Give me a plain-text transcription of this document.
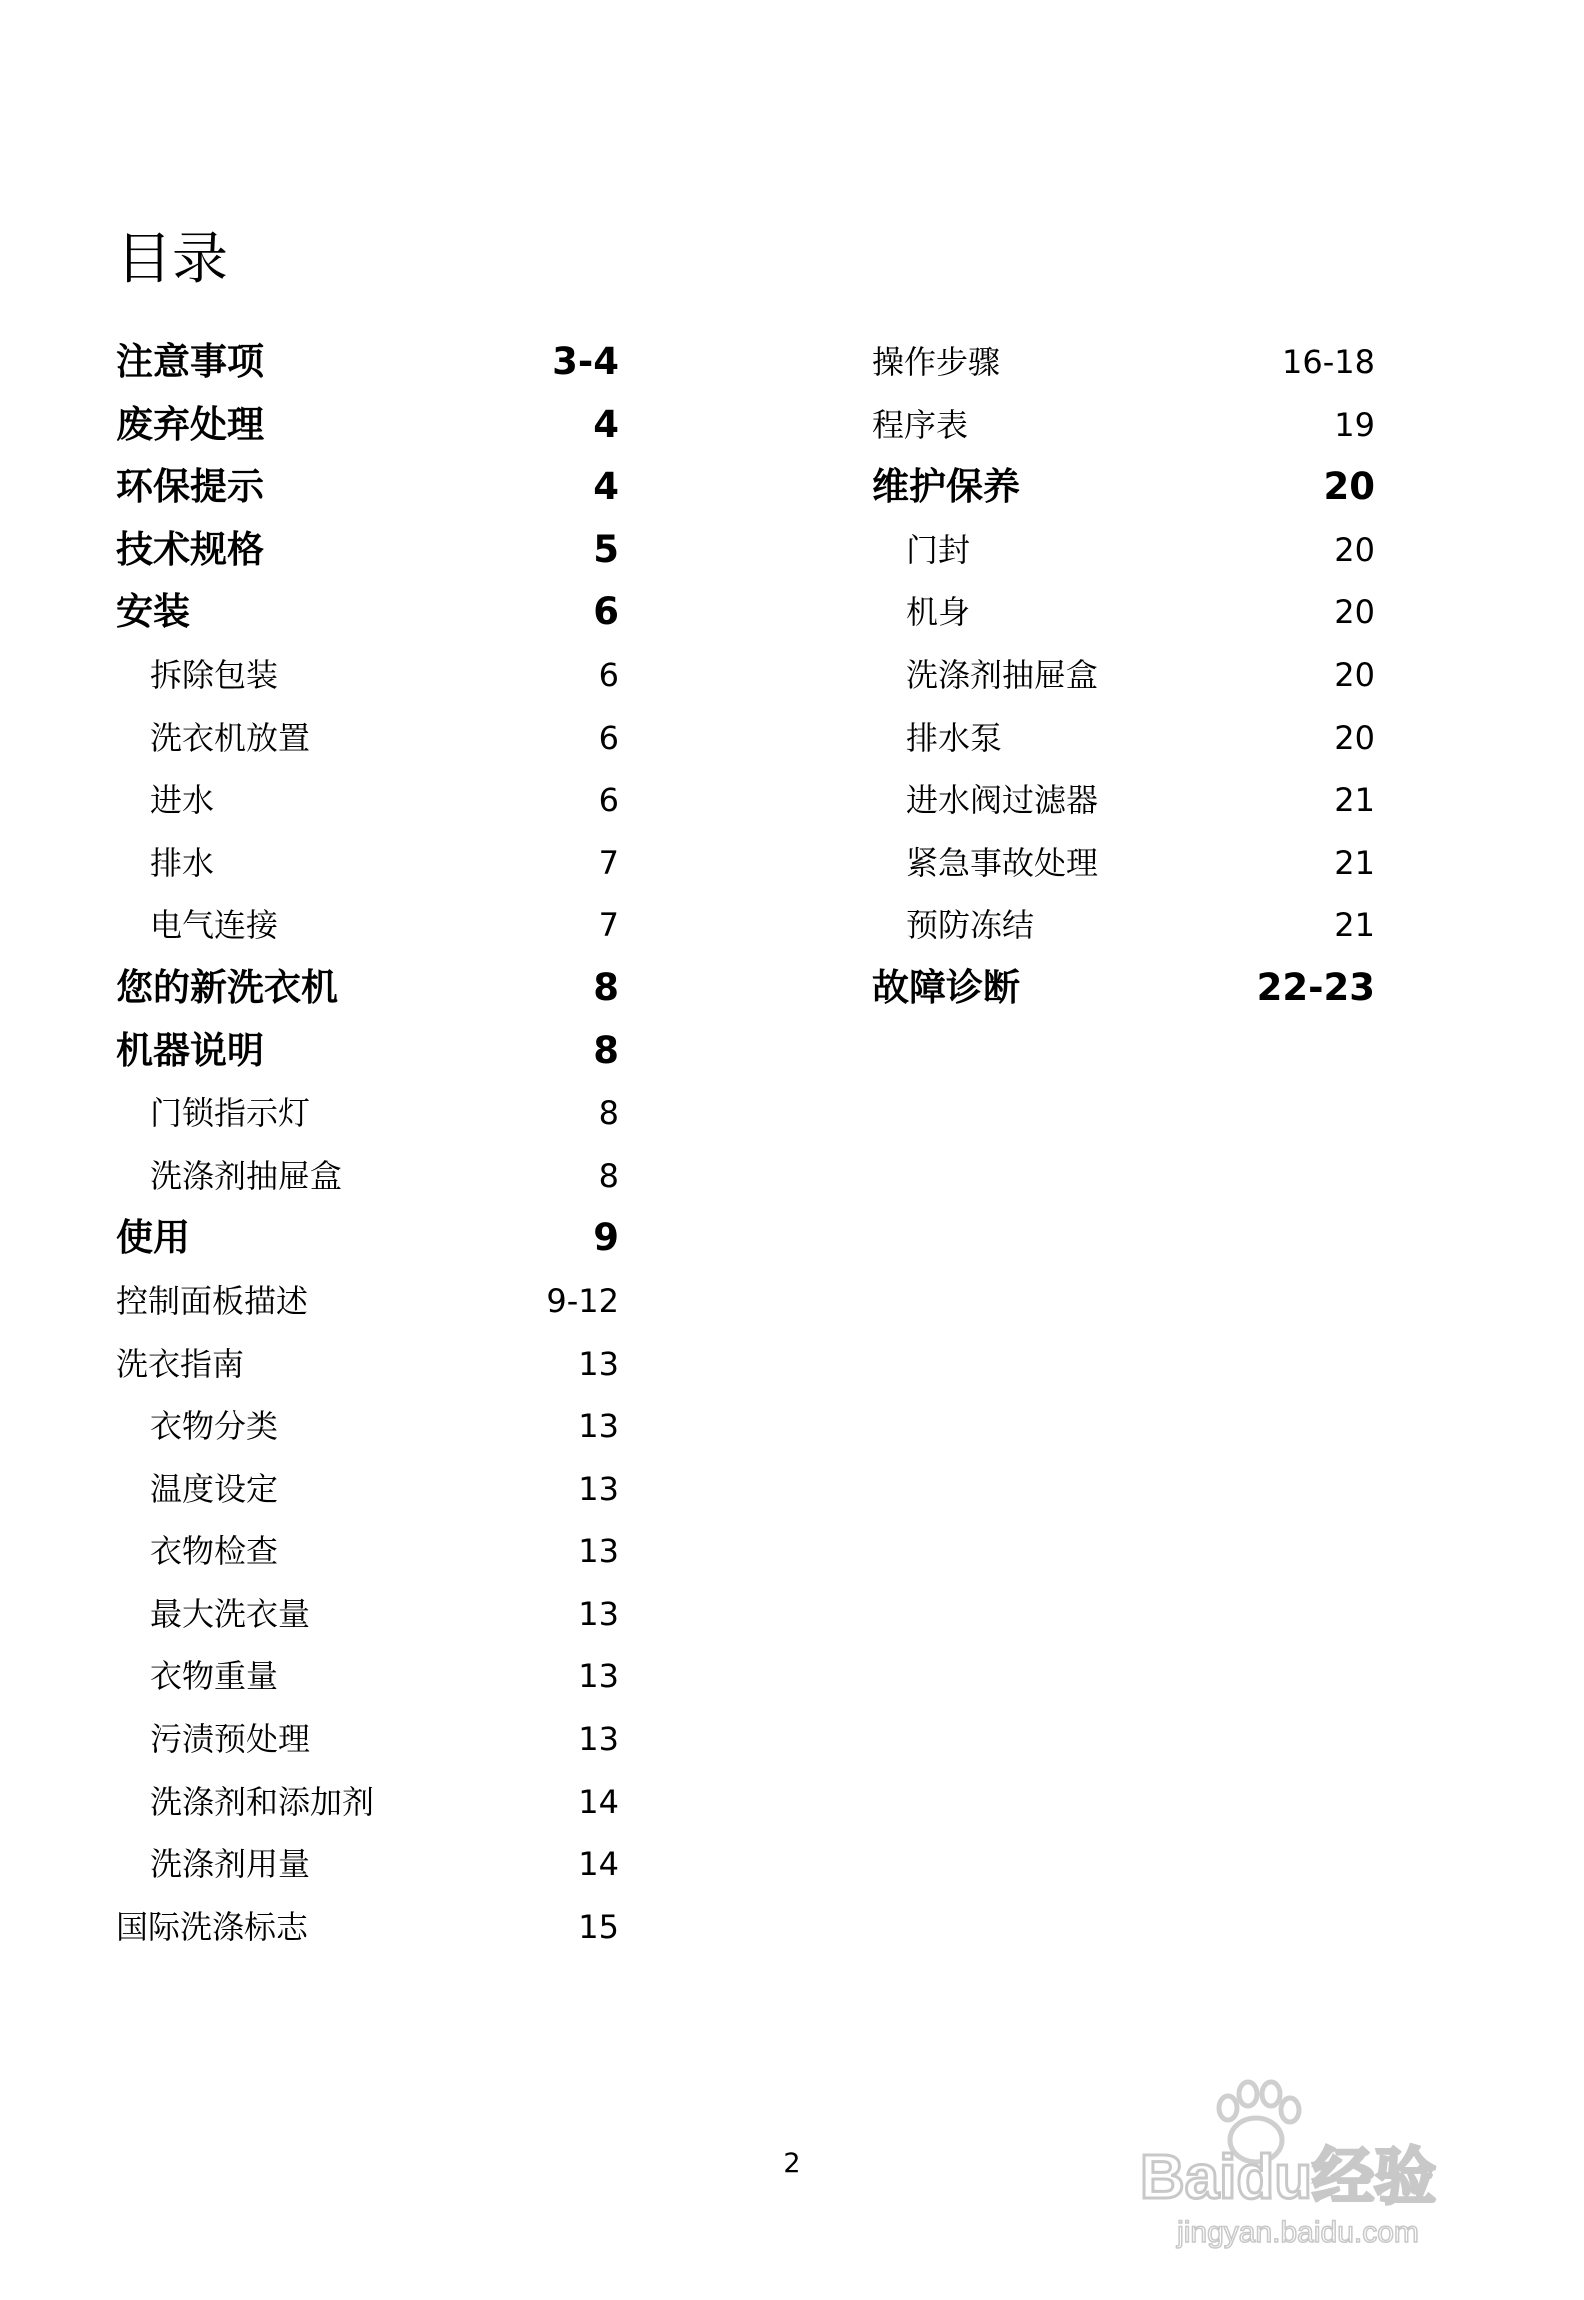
目录
注意事项	3-4
废弃处理	4
环保提示	4
技术规格	5
安装	6
拆除包装	6
洗衣机放置	6
进水	6
排水	7
电气连接	7
您的新洗衣机	8
机器说明	8
门锁指示灯	8
洗涤剂抽屉盒	8
使用	9
控制面板描述	9-12
洗衣指南	13
衣物分类	13
温度设定	13
衣物检查	13
最大洗衣量	13
衣物重量	13
污渍预处理	13
洗涤剂和添加剂	14
洗涤剂用量	14
国际洗涤标志	15
操作步骤	16-18
程序表	19
维护保养	20
门封	20
机身	20
洗涤剂抽屉盒	20
排水泵	20
进水阀过滤器	21
紧急事故处理	21
预防冻结	21
故障诊断	22-23
2	Baidu经验
jingyan.baidu.com
